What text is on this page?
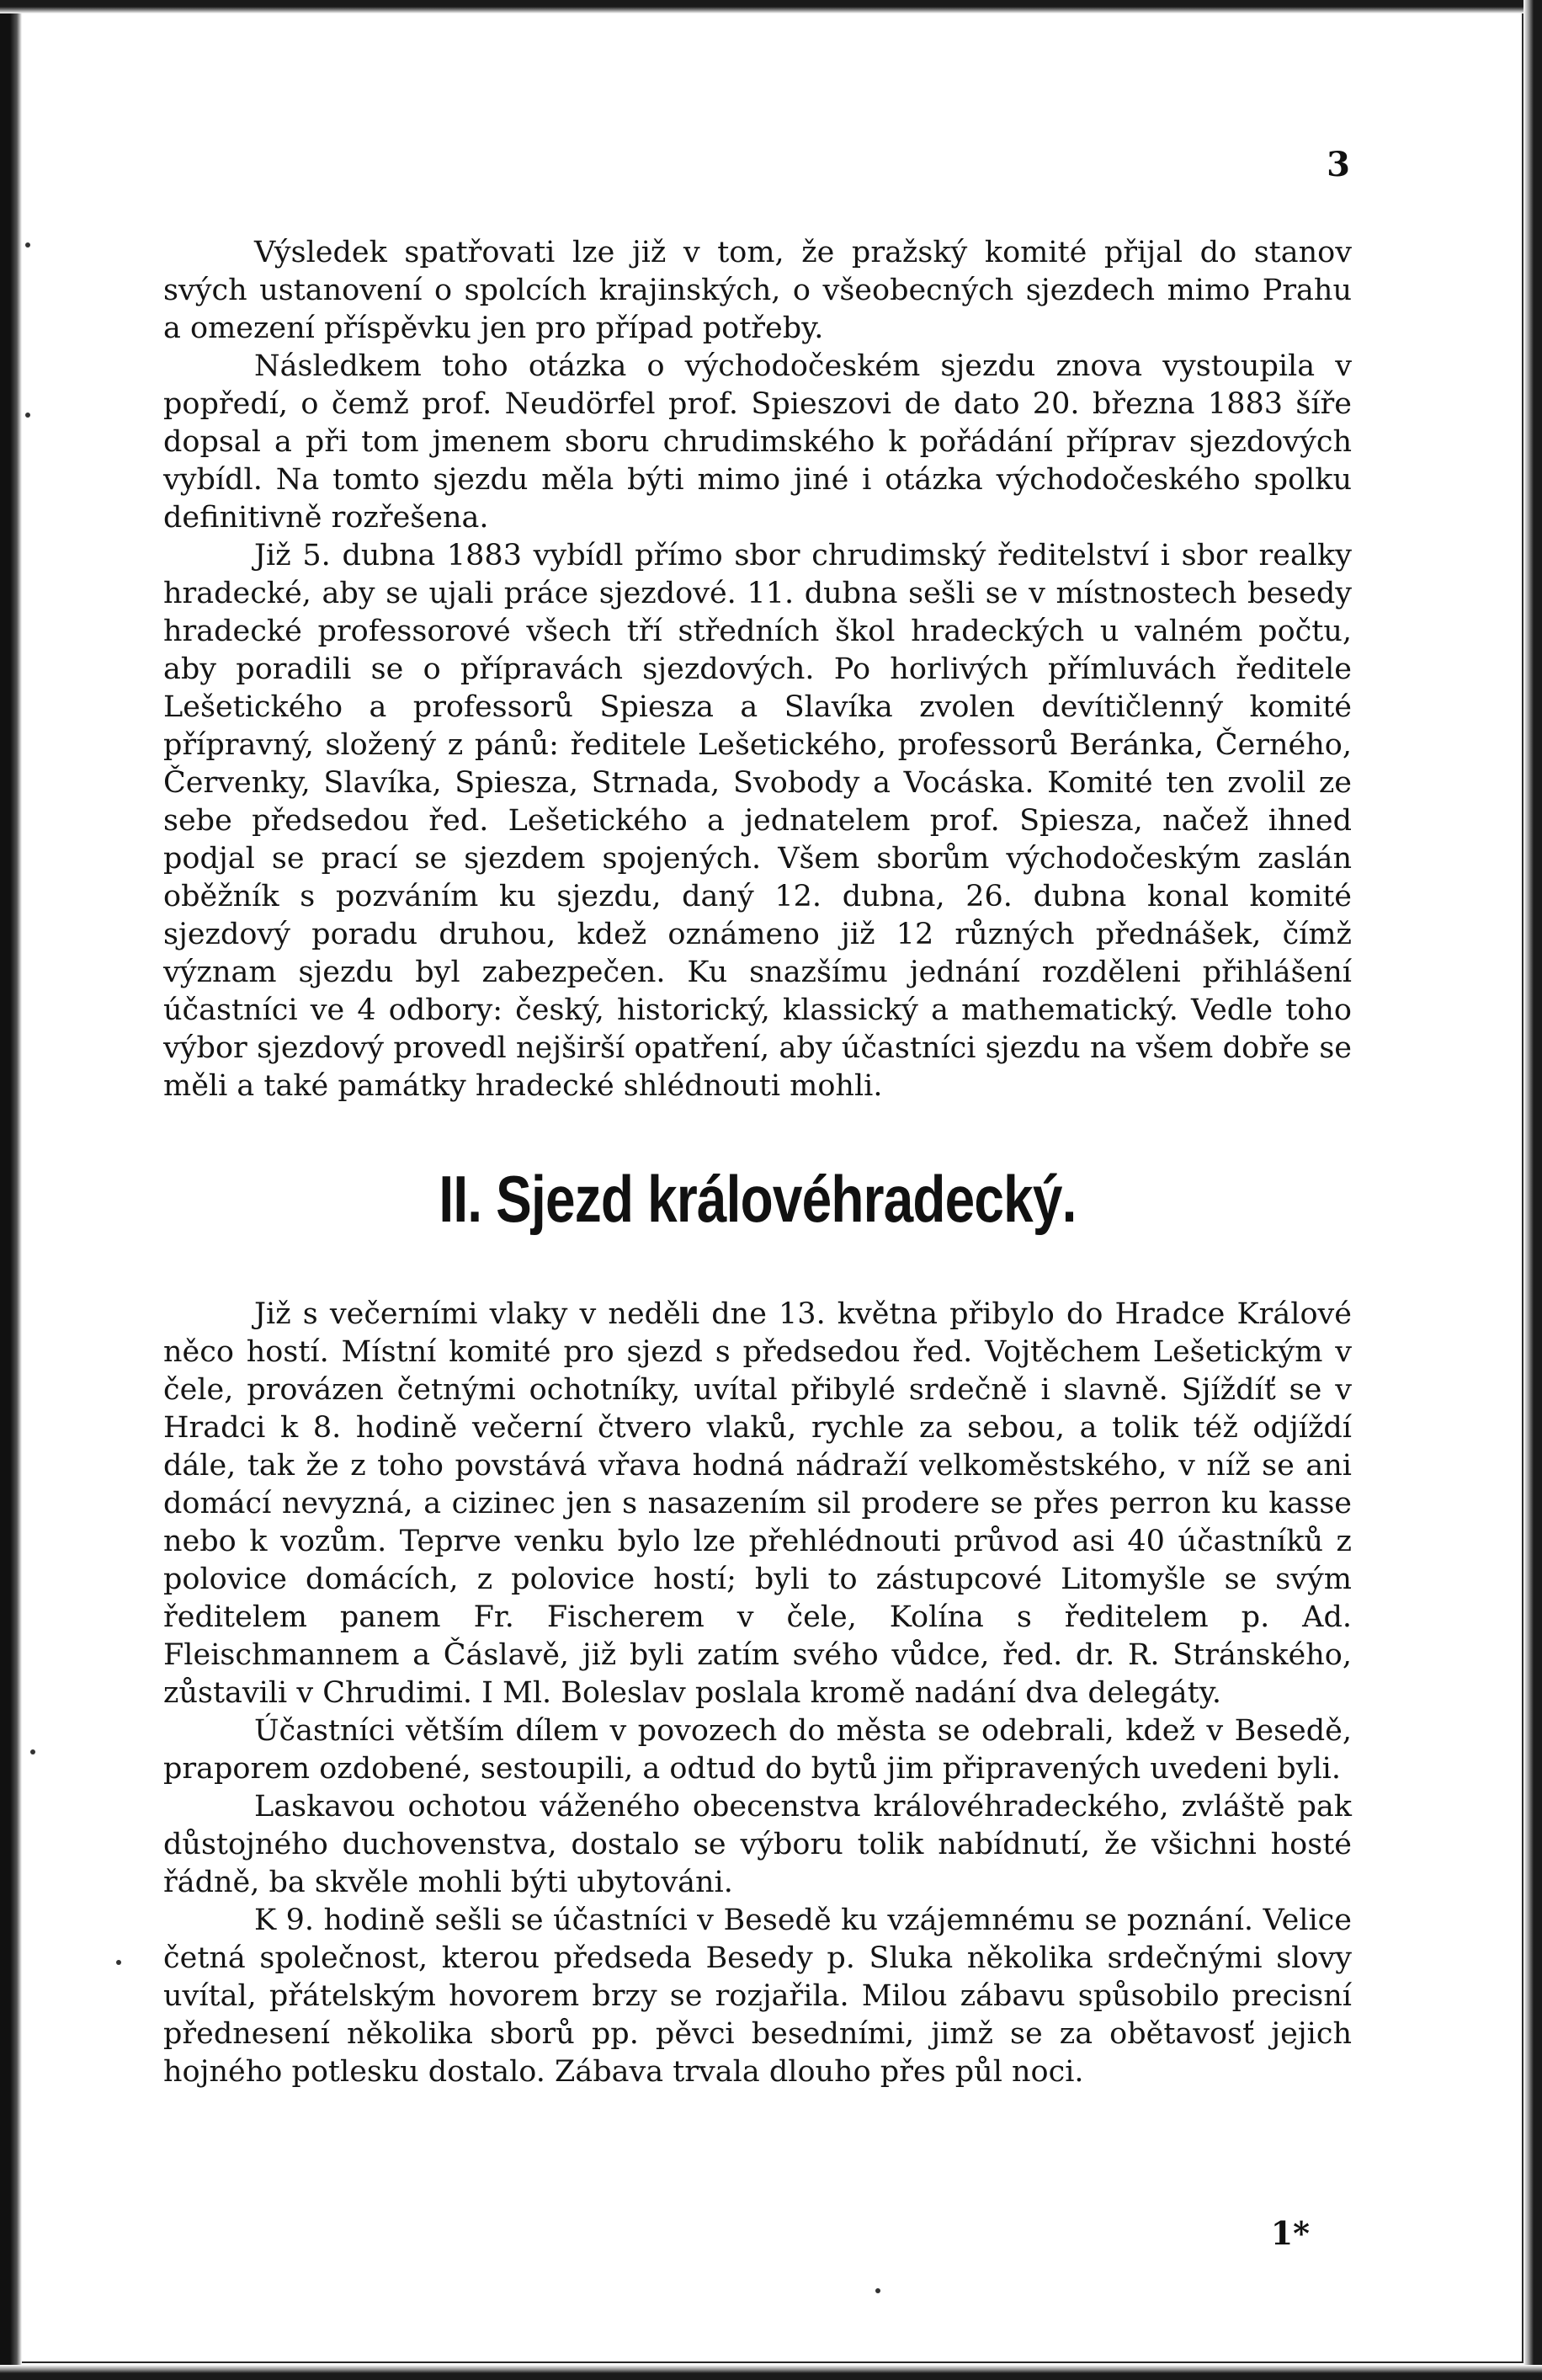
3

Výsledek spatřovati lze již v tom, že pražský komité přijal do stanov svých ustanovení o spolcích krajinských, o všeobecných sjezdech mimo Prahu a omezení příspěvku jen pro případ potřeby.

Následkem toho otázka o východočeském sjezdu znova vystoupila v popředí, o čemž prof. Neudörfel prof. Spieszovi de dato 20. března 1883 šíře dopsal a při tom jmenem sboru chrudimského k pořádání příprav sjezdových vybídl. Na tomto sjezdu měla býti mimo jiné i otázka východočeského spolku definitivně rozřešena.

Již 5. dubna 1883 vybídl přímo sbor chrudimský ředitelství i sbor realky hradecké, aby se ujali práce sjezdové. 11. dubna sešli se v místnostech besedy hradecké professorové všech tří středních škol hradeckých u valném počtu, aby poradili se o přípravách sjezdových. Po horlivých přímluvách ředitele Lešetického a professorů Spiesza a Slavíka zvolen devítičlenný komité přípravný, složený z pánů: ředitele Lešetického, professorů Beránka, Černého, Červenky, Slavíka, Spiesza, Strnada, Svobody a Vocáska. Komité ten zvolil ze sebe předsedou řed. Lešetického a jednatelem prof. Spiesza, načež ihned podjal se prací se sjezdem spojených. Všem sborům východočeským zaslán oběžník s pozváním ku sjezdu, daný 12. dubna, 26. dubna konal komité sjezdový poradu druhou, kdež oznámeno již 12 různých přednášek, čímž význam sjezdu byl zabezpečen. Ku snazšímu jednání rozděleni přihlášení účastníci ve 4 odbory: český, historický, klassický a mathematický. Vedle toho výbor sjezdový provedl nejširší opatření, aby účastníci sjezdu na všem dobře se měli a také památky hradecké shlédnouti mohli.

II. Sjezd královéhradecký.

Již s večerními vlaky v neděli dne 13. května přibylo do Hradce Králové něco hostí. Místní komité pro sjezd s předsedou řed. Vojtěchem Lešetickým v čele, provázen četnými ochotníky, uvítal přibylé srdečně i slavně. Sjíždíť se v Hradci k 8. hodině večerní čtvero vlaků, rychle za sebou, a tolik též odjíždí dále, tak že z toho povstává vřava hodná nádraží velkoměstského, v níž se ani domácí nevyzná, a cizinec jen s nasazením sil prodere se přes perron ku kasse nebo k vozům. Teprve venku bylo lze přehlédnouti průvod asi 40 účastníků z polovice domácích, z polovice hostí; byli to zástupcové Litomyšle se svým ředitelem panem Fr. Fischerem v čele, Kolína s ředitelem p. Ad. Fleischmannem a Čáslavě, již byli zatím svého vůdce, řed. dr. R. Stránského, zůstavili v Chrudimi. I Ml. Boleslav poslala kromě nadání dva delegáty.

Účastníci větším dílem v povozech do města se odebrali, kdež v Besedě, praporem ozdobené, sestoupili, a odtud do bytů jim připravených uvedeni byli.

Laskavou ochotou váženého obecenstva královéhradeckého, zvláště pak důstojného duchovenstva, dostalo se výboru tolik nabídnutí, že všichni hosté řádně, ba skvěle mohli býti ubytováni.

K 9. hodině sešli se účastníci v Besedě ku vzájemnému se poznání. Velice četná společnost, kterou předseda Besedy p. Sluka několika srdečnými slovy uvítal, přátelským hovorem brzy se rozjařila. Milou zábavu spůsobilo precisní přednesení několika sborů pp. pěvci besedními, jimž se za obětavosť jejich hojného potlesku dostalo. Zábava trvala dlouho přes půl noci.

1*
